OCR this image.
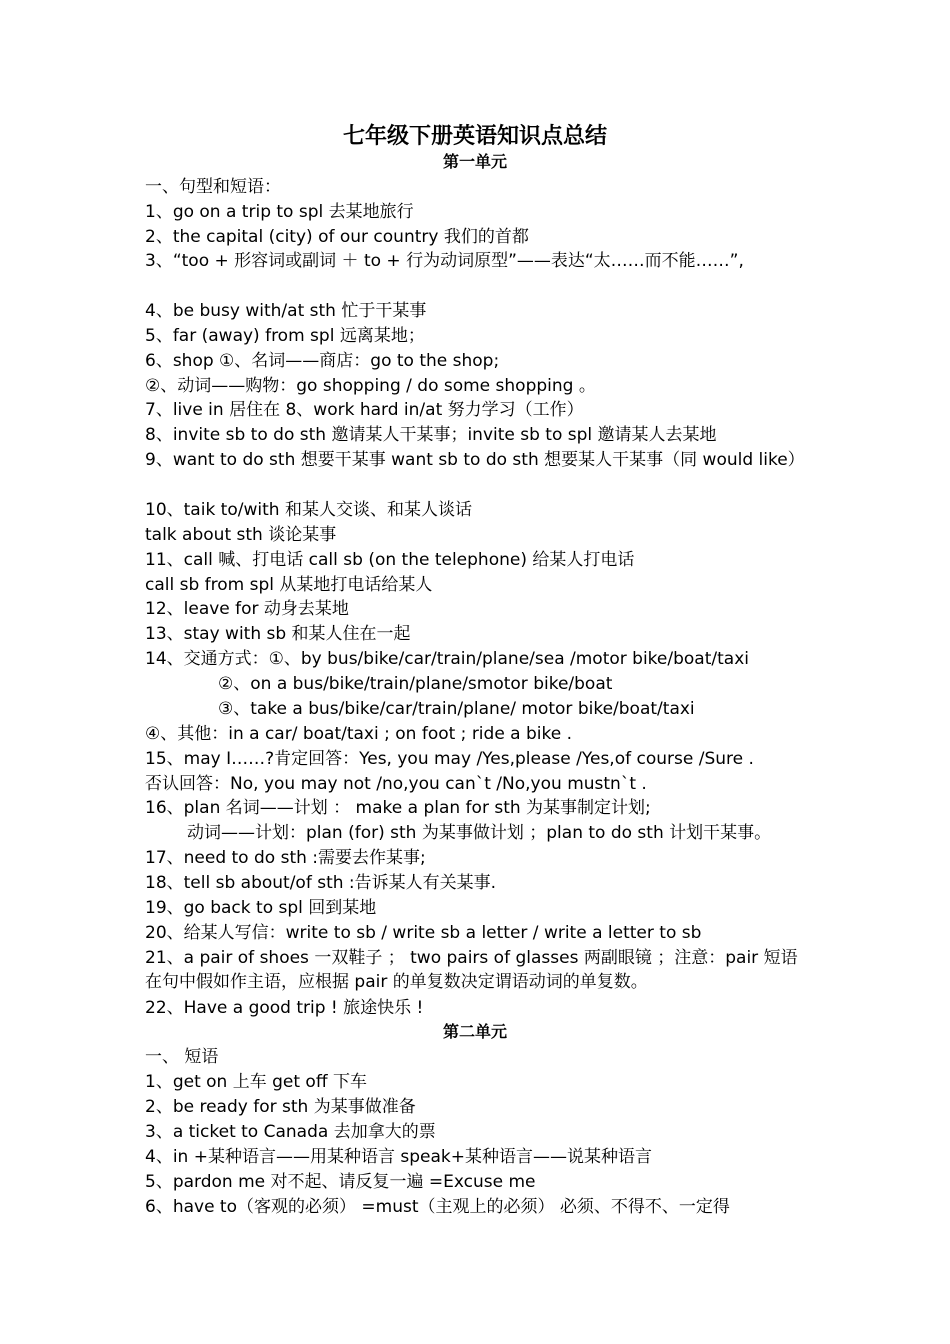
七年级下册英语知识点总结
第一单元
一、句型和短语：
1、go on a trip to spl 去某地旅行
2、the capital (city) of our country 我们的首都
3、“too + 形容词或副词 ＋ to + 行为动词原型”——表达“太……而不能……”,
4、be busy with/at sth 忙于干某事
5、far (away) from spl 远离某地；
6、shop ①、名词——商店：go to the shop;
②、动词——购物：go shopping / do some shopping 。
7、live in 居住在 8、work hard in/at 努力学习（工作）
8、invite sb to do sth 邀请某人干某事；invite sb to spl 邀请某人去某地
9、want to do sth 想要干某事 want sb to do sth 想要某人干某事（同 would like）
10、taik to/with 和某人交谈、和某人谈话
talk about sth 谈论某事
11、call 喊、打电话 call sb (on the telephone) 给某人打电话
call sb from spl 从某地打电话给某人
12、leave for 动身去某地
13、stay with sb 和某人住在一起
14、交通方式：①、by bus/bike/car/train/plane/sea /motor bike/boat/taxi
②、on a bus/bike/train/plane/smotor bike/boat
③、take a bus/bike/car/train/plane/ motor bike/boat/taxi
④、其他：in a car/ boat/taxi ; on foot ; ride a bike .
15、may I……?肯定回答：Yes, you may /Yes,please /Yes,of course /Sure .
否认回答：No, you may not /no,you can`t /No,you mustn`t .
16、plan 名词——计划 ： make a plan for sth 为某事制定计划;
动词——计划：plan (for) sth 为某事做计划 ；plan to do sth 计划干某事。
17、need to do sth :需要去作某事;
18、tell sb about/of sth :告诉某人有关某事.
19、go back to spl 回到某地
20、给某人写信：write to sb / write sb a letter / write a letter to sb
21、a pair of shoes 一双鞋子 ； two pairs of glasses 两副眼镜 ；注意：pair 短语在句中假如作主语，应根据 pair 的单复数决定谓语动词的单复数。
22、Have a good trip ! 旅途快乐 !
第二单元
一、 短语
1、get on 上车 get off 下车
2、be ready for sth 为某事做准备
3、a ticket to Canada 去加拿大的票
4、in +某种语言——用某种语言 speak+某种语言——说某种语言
5、pardon me 对不起、请反复一遍 =Excuse me
6、have to（客观的必须） =must（主观上的必须） 必须、不得不、一定得
